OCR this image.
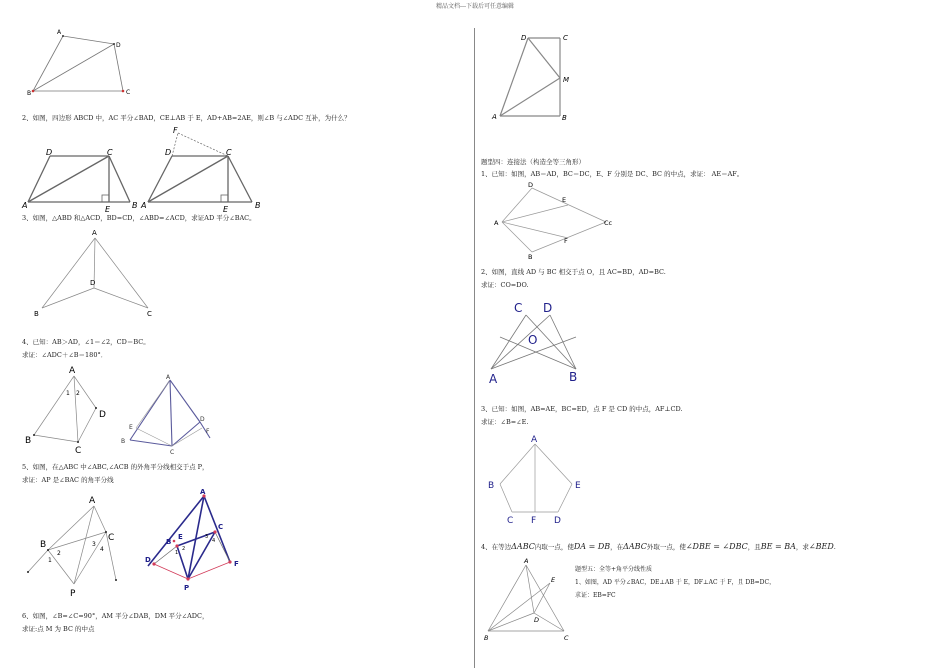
精品文档---下载后可任意编辑
A
D
B	C
2、如图，四边形 ABCD 中，AC 平分∠BAD，CE⊥AB 于 E，AD+AB=2AE，则∠B 与∠ADC 互补，为什么？
D	C
A	E	B
F
D	C
A	E	B
3、如图，△ABD 和△ACD，BD=CD，∠ABD=∠ACD，求证AD 平分∠BAC。
A
D
B	C
4、已知：AB＞AD，∠1＝∠2，CD＝BC。
求证：∠ADC＋∠B＝180°．
A
1 2
D
B
C
A
E
B
C
D
F
5、如图，在△ABC 中∠ABC,∠ACB 的外角平分线相交于点 P，
求证：AP 是∠BAC 的角平分线
A
B
C
P
1
2
3
4
A
B
C
D
E
F
P
1
2
3
4
6、如图，∠B=∠C=90°，AM 平分∠DAB，DM 平分∠ADC，
求证:点 M 为 BC 的中点
D	C
M
A	B
题型四：连接法（构造全等三角形）
1、已知：如图，AB＝AD，BC＝DC，E、F 分别是 DC、BC 的中点，求证： AE＝AF。
D
E
A	Cc
F
B
2、如图，直线 AD 与 BC 相交于点 O，且 AC=BD，AD=BC.
求证：CO=DO.
C D
O
A	B
3、已知：如图，AB=AE，BC=ED，点 F 是 CD 的中点，AF⊥CD.
求证：∠B=∠E.
A
B	E
C F D
4、在等边ΔABC内取一点，使DA = DB，在ΔABC外取一点，使∠DBE = ∠DBC，且BE = BA，求∠BED.
A
E
D
B	C
题型五：全等+角平分线性质
1、如图，AD 平分∠BAC，DE⊥AB 于 E，DF⊥AC 于 F，且 DB=DC，
求证：EB=FC
